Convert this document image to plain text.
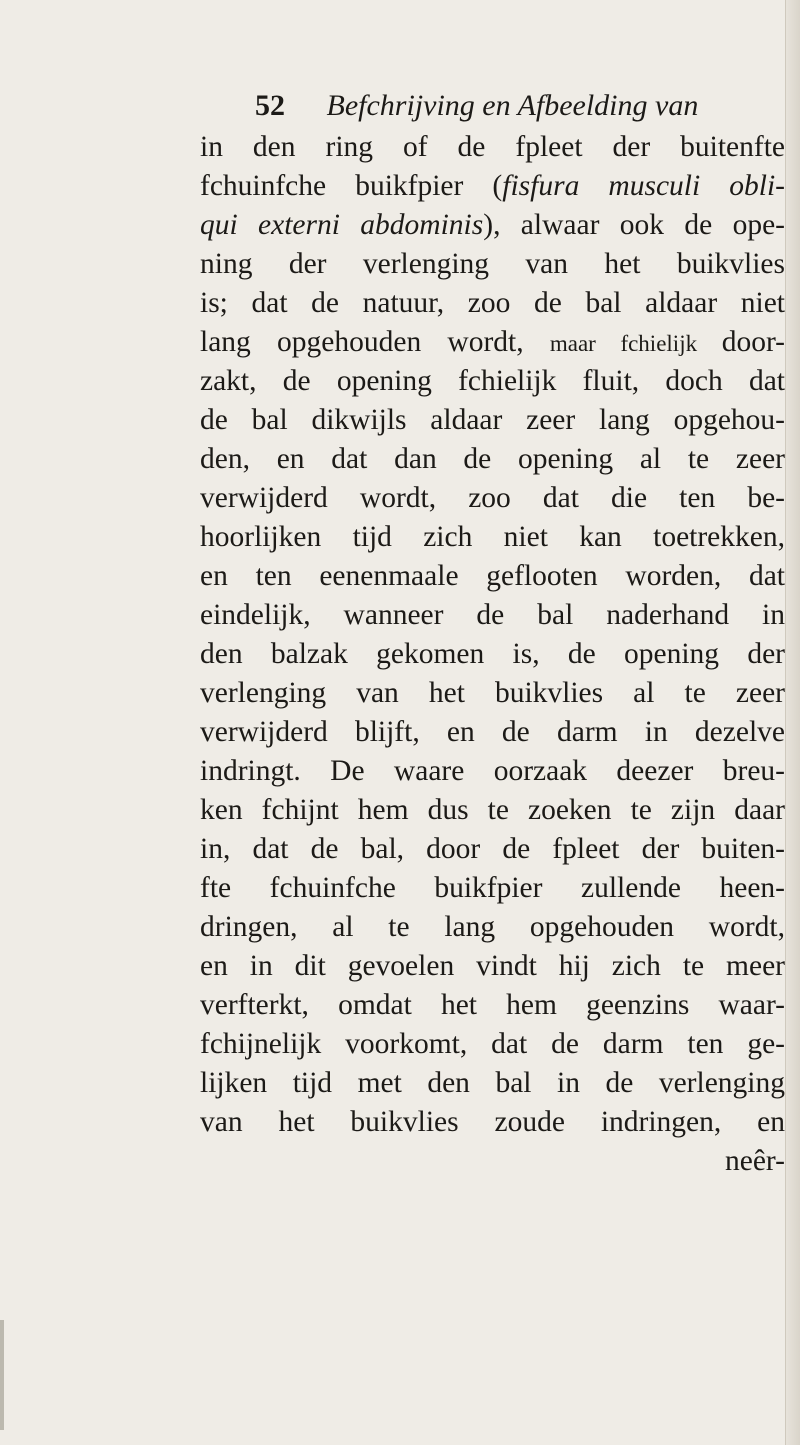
52 Befchrijving en Afbeelding van
in den ring of de fpleet der buitenfte
fchuinfche buikfpier (fisfura musculi obli-
qui externi abdominis), alwaar ook de ope-
ning der verlenging van het buikvlies
is; dat de natuur, zoo de bal aldaar niet
lang opgehouden wordt, maar fchielijk door-
zakt, de opening fchielijk fluit, doch dat
de bal dikwijls aldaar zeer lang opgehou-
den, en dat dan de opening al te zeer
verwijderd wordt, zoo dat die ten be-
hoorlijken tijd zich niet kan toetrekken,
en ten eenenmaale geflooten worden, dat
eindelijk, wanneer de bal naderhand in
den balzak gekomen is, de opening der
verlenging van het buikvlies al te zeer
verwijderd blijft, en de darm in dezelve
indringt. De waare oorzaak deezer breu-
ken fchijnt hem dus te zoeken te zijn daar
in, dat de bal, door de fpleet der buiten-
fte fchuinfche buikfpier zullende heen-
dringen, al te lang opgehouden wordt,
en in dit gevoelen vindt hij zich te meer
verfterkt, omdat het hem geenzins waar-
fchijnelijk voorkomt, dat de darm ten ge-
lijken tijd met den bal in de verlenging
van het buikvlies zoude indringen, en
neêr-
